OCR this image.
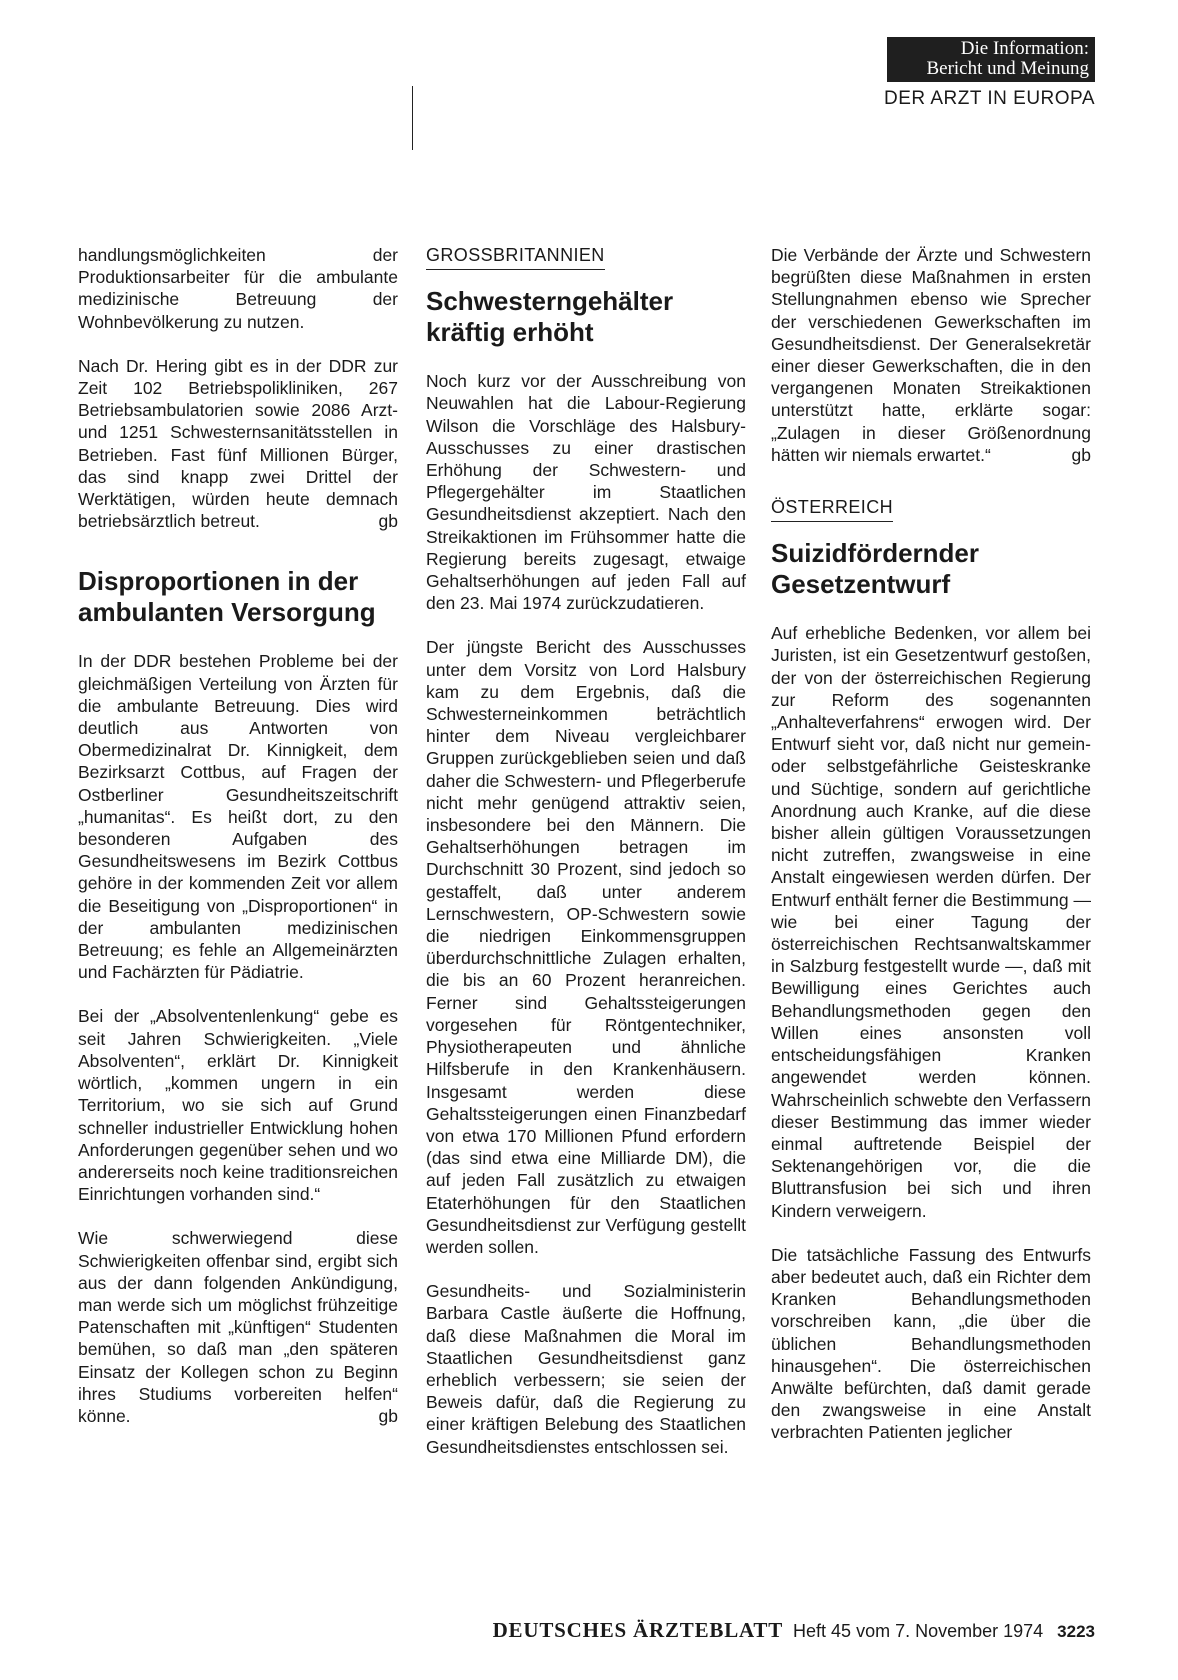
Die Information:
Bericht und Meinung
DER ARZT IN EUROPA

handlungsmöglichkeiten der Produktionsarbeiter für die ambulante medizinische Betreuung der Wohnbevölkerung zu nutzen.

Nach Dr. Hering gibt es in der DDR zur Zeit 102 Betriebspolikliniken, 267 Betriebsambulatorien sowie 2086 Arzt- und 1251 Schwesternsanitätsstellen in Betrieben. Fast fünf Millionen Bürger, das sind knapp zwei Drittel der Werktätigen, würden heute demnach betriebsärztlich betreut.	gb

Disproportionen in der ambulanten Versorgung

In der DDR bestehen Probleme bei der gleichmäßigen Verteilung von Ärzten für die ambulante Betreuung. Dies wird deutlich aus Antworten von Obermedizinalrat Dr. Kinnigkeit, dem Bezirksarzt Cottbus, auf Fragen der Ostberliner Gesundheitszeitschrift „humanitas“. Es heißt dort, zu den besonderen Aufgaben des Gesundheitswesens im Bezirk Cottbus gehöre in der kommenden Zeit vor allem die Beseitigung von „Disproportionen“ in der ambulanten medizinischen Betreuung; es fehle an Allgemeinärzten und Fachärzten für Pädiatrie.

Bei der „Absolventenlenkung“ gebe es seit Jahren Schwierigkeiten. „Viele Absolventen“, erklärt Dr. Kinnigkeit wörtlich, „kommen ungern in ein Territorium, wo sie sich auf Grund schneller industrieller Entwicklung hohen Anforderungen gegenüber sehen und wo andererseits noch keine traditionsreichen Einrichtungen vorhanden sind.“

Wie schwerwiegend diese Schwierigkeiten offenbar sind, ergibt sich aus der dann folgenden Ankündigung, man werde sich um möglichst frühzeitige Patenschaften mit „künftigen“ Studenten bemühen, so daß man „den späteren Einsatz der Kollegen schon zu Beginn ihres Studiums vorbereiten helfen“ könne.	gb

GROSSBRITANNIEN
Schwesterngehälter kräftig erhöht

Noch kurz vor der Ausschreibung von Neuwahlen hat die Labour-Regierung Wilson die Vorschläge des Halsbury-Ausschusses zu einer drastischen Erhöhung der Schwestern- und Pflegergehälter im Staatlichen Gesundheitsdienst akzeptiert. Nach den Streikaktionen im Frühsommer hatte die Regierung bereits zugesagt, etwaige Gehaltserhöhungen auf jeden Fall auf den 23. Mai 1974 zurückzudatieren.

Der jüngste Bericht des Ausschusses unter dem Vorsitz von Lord Halsbury kam zu dem Ergebnis, daß die Schwesterneinkommen beträchtlich hinter dem Niveau vergleichbarer Gruppen zurückgeblieben seien und daß daher die Schwestern- und Pflegerberufe nicht mehr genügend attraktiv seien, insbesondere bei den Männern. Die Gehaltserhöhungen betragen im Durchschnitt 30 Prozent, sind jedoch so gestaffelt, daß unter anderem Lernschwestern, OP-Schwestern sowie die niedrigen Einkommensgruppen überdurchschnittliche Zulagen erhalten, die bis an 60 Prozent heranreichen. Ferner sind Gehaltssteigerungen vorgesehen für Röntgentechniker, Physiotherapeuten und ähnliche Hilfsberufe in den Krankenhäusern. Insgesamt werden diese Gehaltssteigerungen einen Finanzbedarf von etwa 170 Millionen Pfund erfordern (das sind etwa eine Milliarde DM), die auf jeden Fall zusätzlich zu etwaigen Etaterhöhungen für den Staatlichen Gesundheitsdienst zur Verfügung gestellt werden sollen.

Gesundheits- und Sozialministerin Barbara Castle äußerte die Hoffnung, daß diese Maßnahmen die Moral im Staatlichen Gesundheitsdienst ganz erheblich verbessern; sie seien der Beweis dafür, daß die Regierung zu einer kräftigen Belebung des Staatlichen Gesundheitsdienstes entschlossen sei.

Die Verbände der Ärzte und Schwestern begrüßten diese Maßnahmen in ersten Stellungnahmen ebenso wie Sprecher der verschiedenen Gewerkschaften im Gesundheitsdienst. Der Generalsekretär einer dieser Gewerkschaften, die in den vergangenen Monaten Streikaktionen unterstützt hatte, erklärte sogar: „Zulagen in dieser Größenordnung hätten wir niemals erwartet.“	gb

ÖSTERREICH
Suizidfördernder Gesetzentwurf

Auf erhebliche Bedenken, vor allem bei Juristen, ist ein Gesetzentwurf gestoßen, der von der österreichischen Regierung zur Reform des sogenannten „Anhalteverfahrens“ erwogen wird. Der Entwurf sieht vor, daß nicht nur gemein- oder selbstgefährliche Geisteskranke und Süchtige, sondern auf gerichtliche Anordnung auch Kranke, auf die diese bisher allein gültigen Voraussetzungen nicht zutreffen, zwangsweise in eine Anstalt eingewiesen werden dürfen. Der Entwurf enthält ferner die Bestimmung — wie bei einer Tagung der österreichischen Rechtsanwaltskammer in Salzburg festgestellt wurde —, daß mit Bewilligung eines Gerichtes auch Behandlungsmethoden gegen den Willen eines ansonsten voll entscheidungsfähigen Kranken angewendet werden können. Wahrscheinlich schwebte den Verfassern dieser Bestimmung das immer wieder einmal auftretende Beispiel der Sektenangehörigen vor, die die Bluttransfusion bei sich und ihren Kindern verweigern.

Die tatsächliche Fassung des Entwurfs aber bedeutet auch, daß ein Richter dem Kranken Behandlungsmethoden vorschreiben kann, „die über die üblichen Behandlungsmethoden hinausgehen“. Die österreichischen Anwälte befürchten, daß damit gerade den zwangsweise in eine Anstalt verbrachten Patienten jeglicher

DEUTSCHES ÄRZTEBLATT Heft 45 vom 7. November 1974 3223
